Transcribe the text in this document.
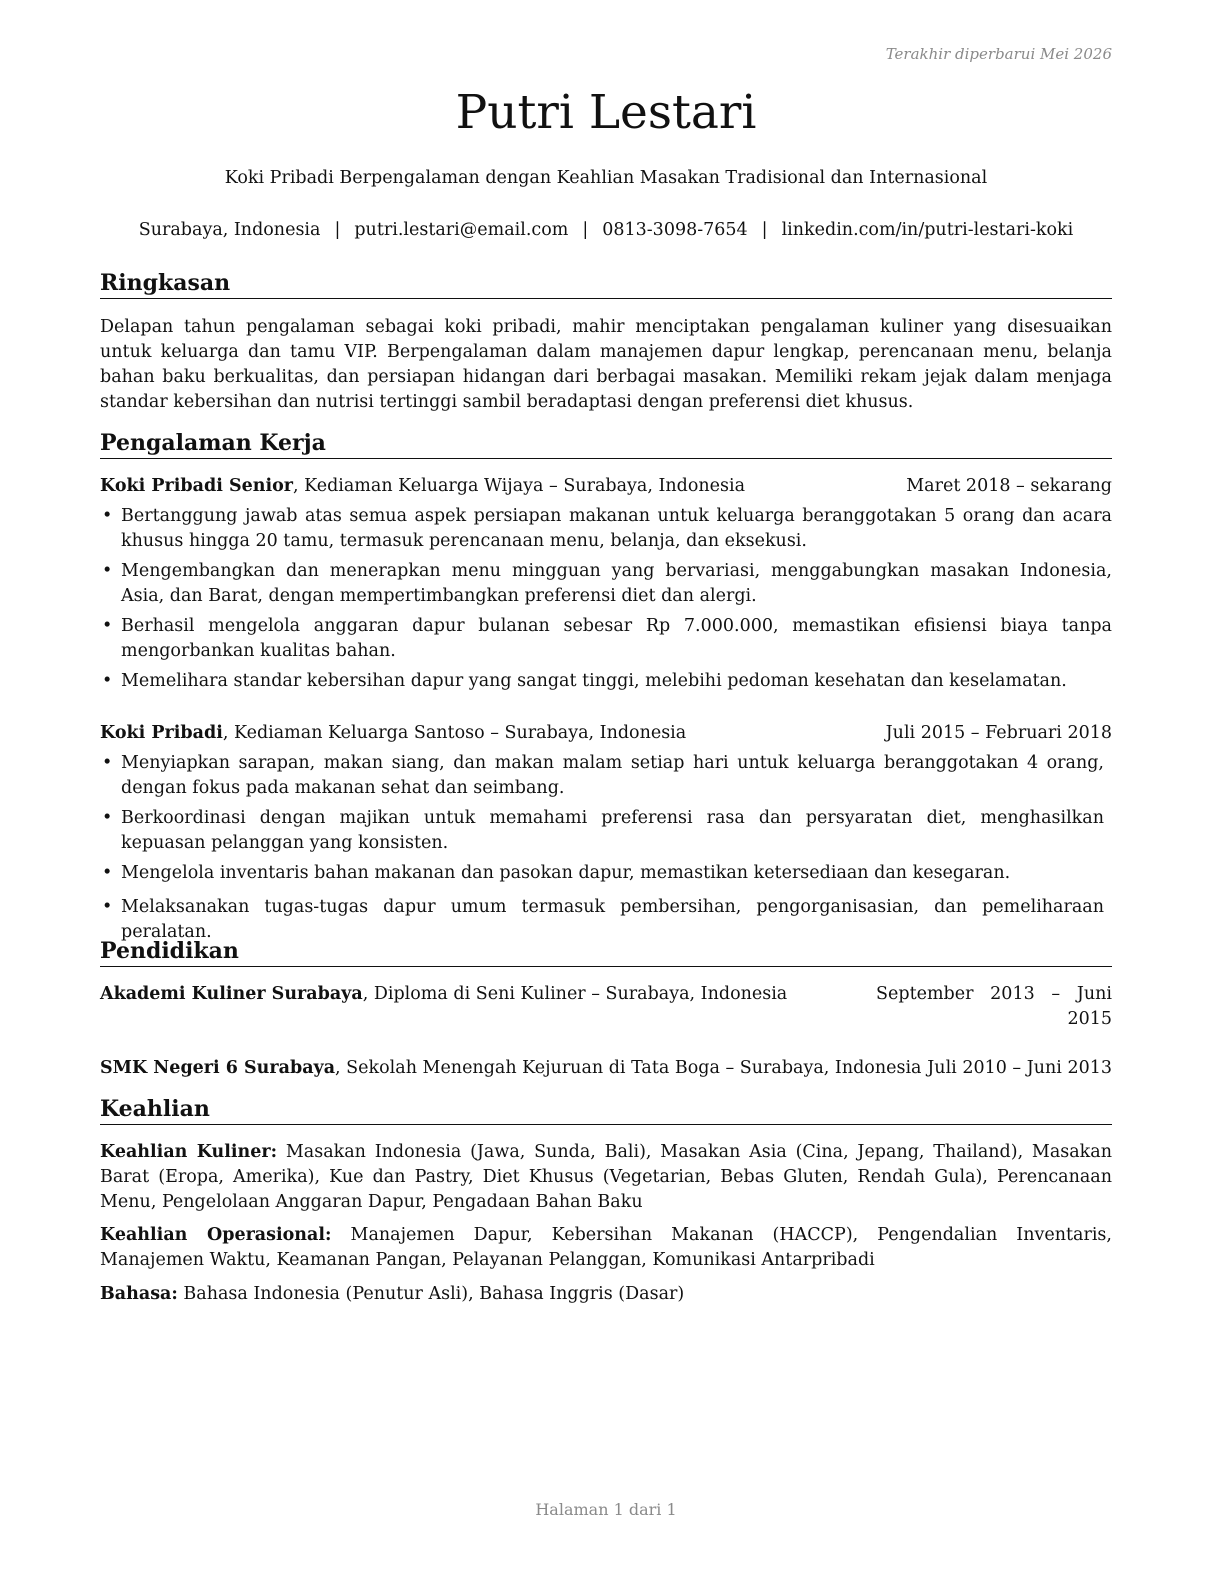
Terakhir diperbarui Mei 2026
Putri Lestari
Koki Pribadi Berpengalaman dengan Keahlian Masakan Tradisional dan Internasional
Surabaya, Indonesia | putri.lestari@email.com | 0813-3098-7654 | linkedin.com/in/putri-lestari-koki
Ringkasan

Delapan tahun pengalaman sebagai koki pribadi, mahir menciptakan pengalaman kuliner yang disesuaikan untuk keluarga dan tamu VIP. Berpengalaman dalam manajemen dapur lengkap, perencanaan menu, belanja bahan baku berkualitas, dan persiapan hidangan dari berbagai masakan. Memiliki rekam jejak dalam menjaga standar kebersihan dan nutrisi tertinggi sambil beradaptasi dengan preferensi diet khusus.

Pengalaman Kerja
Koki Pribadi Senior, Kediaman Keluarga Wijaya – Surabaya, Indonesia	Maret 2018 – sekarang
• Bertanggung jawab atas semua aspek persiapan makanan untuk keluarga beranggotakan 5 orang dan acara khusus hingga 20 tamu, termasuk perencanaan menu, belanja, dan eksekusi.
• Mengembangkan dan menerapkan menu mingguan yang bervariasi, menggabungkan masakan Indonesia, Asia, dan Barat, dengan mempertimbangkan preferensi diet dan alergi.
• Berhasil mengelola anggaran dapur bulanan sebesar Rp 7.000.000, memastikan efisiensi biaya tanpa mengorbankan kualitas bahan.
• Memelihara standar kebersihan dapur yang sangat tinggi, melebihi pedoman kesehatan dan keselamatan.
Koki Pribadi, Kediaman Keluarga Santoso – Surabaya, Indonesia	Juli 2015 – Februari 2018
• Menyiapkan sarapan, makan siang, dan makan malam setiap hari untuk keluarga beranggotakan 4 orang, dengan fokus pada makanan sehat dan seimbang.
• Berkoordinasi dengan majikan untuk memahami preferensi rasa dan persyaratan diet, menghasilkan kepuasan pelanggan yang konsisten.
• Mengelola inventaris bahan makanan dan pasokan dapur, memastikan ketersediaan dan kesegaran.
• Melaksanakan tugas-tugas dapur umum termasuk pembersihan, pengorganisasian, dan pemeliharaan peralatan.
Pendidikan
Akademi Kuliner Surabaya, Diploma di Seni Kuliner – Surabaya, Indonesia	September   2013   –   Juni
2015
SMK Negeri 6 Surabaya, Sekolah Menengah Kejuruan di Tata Boga – Surabaya, Indonesia Juli 2010 – Juni 2013
Keahlian

Keahlian Kuliner: Masakan Indonesia (Jawa, Sunda, Bali), Masakan Asia (Cina, Jepang, Thailand), Masakan Barat (Eropa, Amerika), Kue dan Pastry, Diet Khusus (Vegetarian, Bebas Gluten, Rendah Gula), Perencanaan Menu, Pengelolaan Anggaran Dapur, Pengadaan Bahan Baku

Keahlian Operasional: Manajemen Dapur, Kebersihan Makanan (HACCP), Pengendalian Inventaris, Manajemen Waktu, Keamanan Pangan, Pelayanan Pelanggan, Komunikasi Antarpribadi

Bahasa: Bahasa Indonesia (Penutur Asli), Bahasa Inggris (Dasar)

Halaman 1 dari 1
